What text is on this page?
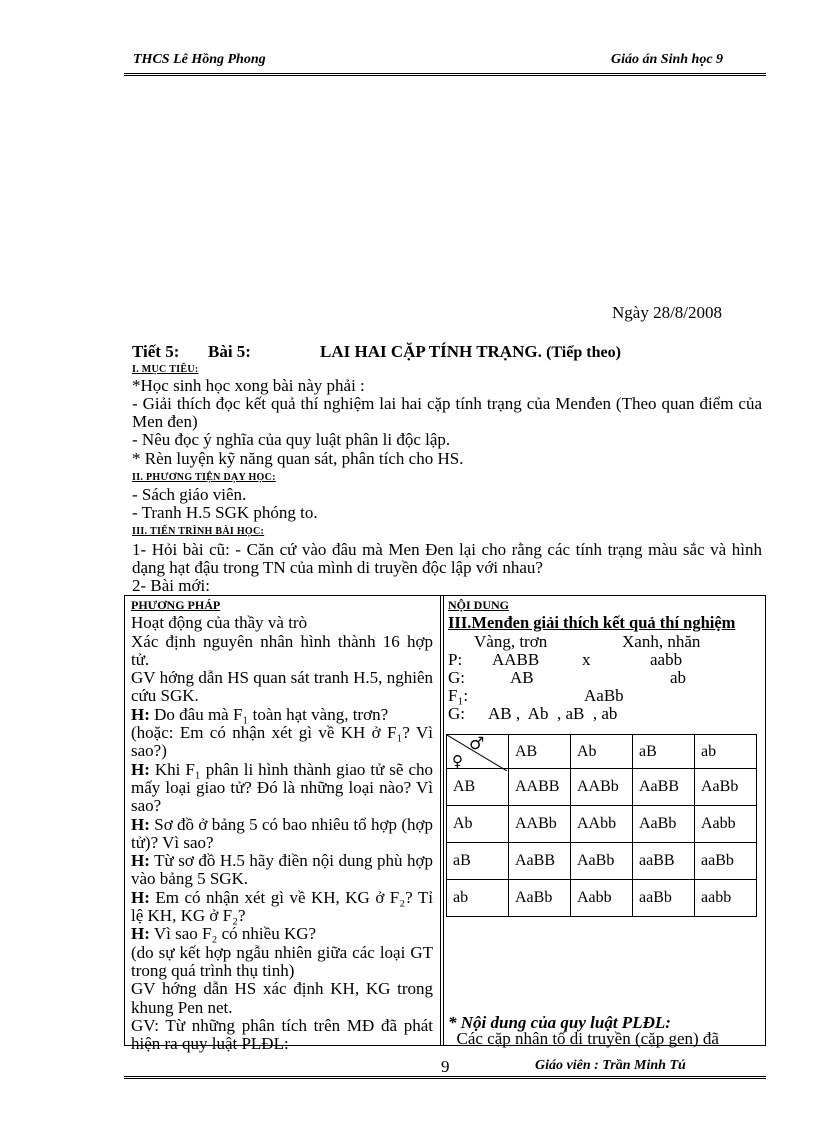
THCS Lê Hồng Phong	Giáo án Sinh học 9
Ngày 28/8/2008
Tiết 5: Bài 5:	LAI HAI CẶP TÍNH TRẠNG. (Tiếp theo)
I. MỤC TIÊU:
*Học sinh học xong bài này phải :
- Giải thích đọc kết quả thí nghiệm lai hai cặp tính trạng của Menđen (Theo quan điểm của Men đen)
- Nêu đọc ý nghĩa của quy luật phân li độc lập.
* Rèn luyện kỹ năng quan sát, phân tích cho HS.
II. PHƯƠNG TIỆN DẠY HỌC:
- Sách giáo viên.
- Tranh H.5 SGK phóng to.
III. TIẾN TRÌNH BÀI HỌC:
1- Hỏi bài cũ: - Căn cứ vào đâu mà Men Đen lại cho rằng các tính trạng màu sắc và hình dạng hạt đậu trong TN của mình di truyền độc lập với nhau?
2- Bài mới:

PHƯƠNG PHÁP

Hoạt động của thầy và trò

Xác định nguyên nhân hình thành 16 hợp tử.

GV hớng dẫn HS quan sát tranh H.5, nghiên cứu SGK.

H: Do đâu mà F₁ toàn hạt vàng, trơn?

(hoặc: Em có nhận xét gì về KH ở F₁? Vì sao?)

H: Khi F₁ phân li hình thành giao tử sẽ cho mấy loại giao tử? Đó là những loại nào? Vì sao?

H: Sơ đồ ở bảng 5 có bao nhiêu tổ hợp (hợp tử)? Vì sao?

H: Từ sơ đồ H.5 hãy điền nội dung phù hợp vào bảng 5 SGK.

H: Em có nhận xét gì về KH, KG ở F₂? Tỉ lệ KH, KG ở F₂?

H: Vì sao F₂ có nhiều KG?

(do sự kết hợp ngẫu nhiên giữa các loại GT trong quá trình thụ tinh)

GV hớng dẫn HS xác định KH, KG trong khung Pen net.

GV: Từ những phân tích trên MĐ đã phát hiện ra quy luật PLĐL:

NỘI DUNG

III.Menđen giải thích kết quả thí nghiệm

Vàng, trơn	Xanh, nhăn
P:	AABB	x	aabb
G:	AB	ab
F₁:	AaBb
G:	AB ,  Ab  , aB  , ab
♂
♀	AB	Ab	aB	ab
AB	AABB	AABb	AaBB	AaBb
Ab	AABb	AAbb	AaBb	Aabb
aB	AaBB	AaBb	aaBB	aaBb
ab	AaBb	Aabb	aaBb	aabb
* Nội dung của quy luật PLĐL:
Các cặp nhân tố di truyền (cặp gen) đã
9	Giáo viên : Trần Minh Tú
